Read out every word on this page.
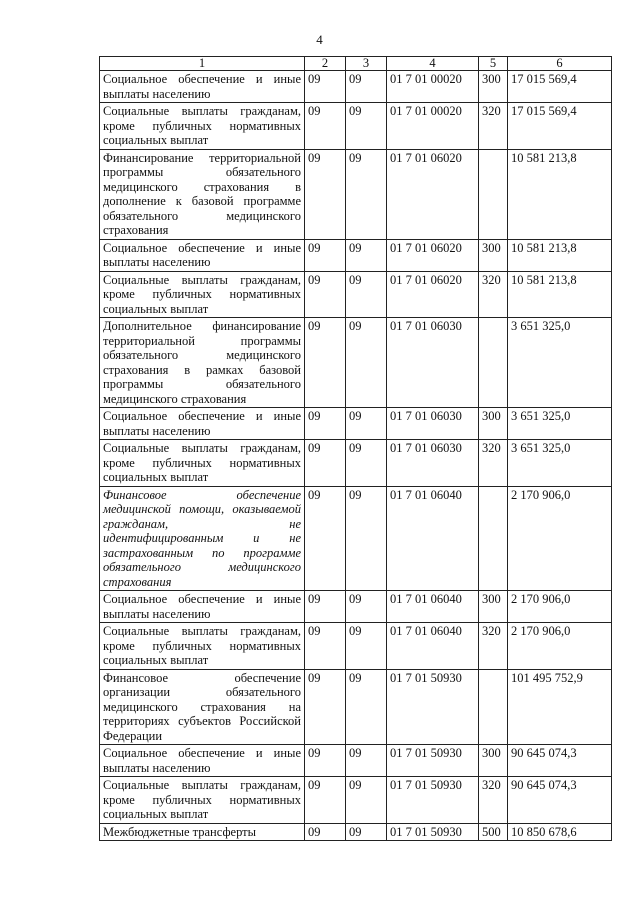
4
1	2	3	4	5	6
Социальное обеспечение и иные выплаты населению	09	09	01 7 01 00020	300	17 015 569,4
Социальные выплаты гражданам, кроме публичных нормативных социальных выплат	09	09	01 7 01 00020	320	17 015 569,4
Финансирование территориальной программы обязательного медицинского страхования в дополнение к базовой программе обязательного медицинского страхования	09	09	01 7 01 06020		10 581 213,8
Социальное обеспечение и иные выплаты населению	09	09	01 7 01 06020	300	10 581 213,8
Социальные выплаты гражданам, кроме публичных нормативных социальных выплат	09	09	01 7 01 06020	320	10 581 213,8
Дополнительное финансирование территориальной программы обязательного медицинского страхования в рамках базовой программы обязательного медицинского страхования	09	09	01 7 01 06030		3 651 325,0
Социальное обеспечение и иные выплаты населению	09	09	01 7 01 06030	300	3 651 325,0
Социальные выплаты гражданам, кроме публичных нормативных социальных выплат	09	09	01 7 01 06030	320	3 651 325,0
Финансовое обеспечение медицинской помощи, оказываемой гражданам, не идентифицированным и не застрахованным по программе обязательного медицинского страхования	09	09	01 7 01 06040		2 170 906,0
Социальное обеспечение и иные выплаты населению	09	09	01 7 01 06040	300	2 170 906,0
Социальные выплаты гражданам, кроме публичных нормативных социальных выплат	09	09	01 7 01 06040	320	2 170 906,0
Финансовое обеспечение организации обязательного медицинского страхования на территориях субъектов Российской Федерации	09	09	01 7 01 50930		101 495 752,9
Социальное обеспечение и иные выплаты населению	09	09	01 7 01 50930	300	90 645 074,3
Социальные выплаты гражданам, кроме публичных нормативных социальных выплат	09	09	01 7 01 50930	320	90 645 074,3
Межбюджетные трансферты	09	09	01 7 01 50930	500	10 850 678,6
